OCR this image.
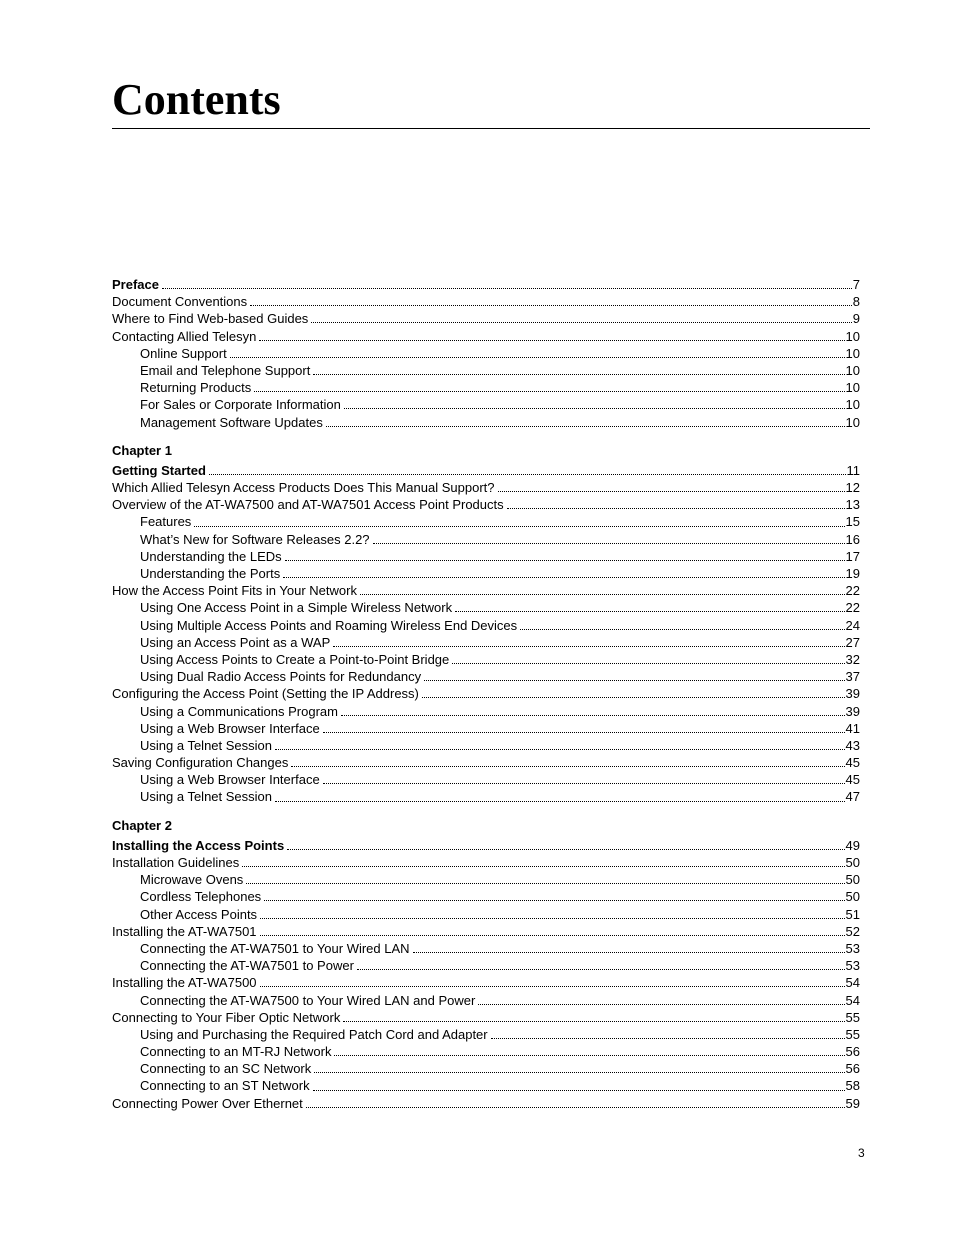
Contents
Preface	7
Document Conventions	8
Where to Find Web-based Guides	9
Contacting Allied Telesyn	10
Online Support	10
Email and Telephone Support	10
Returning Products	10
For Sales or Corporate Information	10
Management Software Updates	10
Chapter 1
Getting Started	11
Which Allied Telesyn Access Products Does This Manual Support?	12
Overview of the AT-WA7500 and AT-WA7501 Access Point Products	13
Features	15
What’s New for Software Releases 2.2?	16
Understanding the LEDs	17
Understanding the Ports	19
How the Access Point Fits in Your Network	22
Using One Access Point in a Simple Wireless Network	22
Using Multiple Access Points and Roaming Wireless End Devices	24
Using an Access Point as a WAP	27
Using Access Points to Create a Point-to-Point Bridge	32
Using Dual Radio Access Points for Redundancy	37
Configuring the Access Point (Setting the IP Address)	39
Using a Communications Program	39
Using a Web Browser Interface	41
Using a Telnet Session	43
Saving Configuration Changes	45
Using a Web Browser Interface	45
Using a Telnet Session	47
Chapter 2
Installing the Access Points	49
Installation Guidelines	50
Microwave Ovens	50
Cordless Telephones	50
Other Access Points	51
Installing the AT-WA7501	52
Connecting the AT-WA7501 to Your Wired LAN	53
Connecting the AT-WA7501 to Power	53
Installing the AT-WA7500	54
Connecting the AT-WA7500 to Your Wired LAN and Power	54
Connecting to Your Fiber Optic Network	55
Using and Purchasing the Required Patch Cord and Adapter	55
Connecting to an MT-RJ Network	56
Connecting to an SC Network	56
Connecting to an ST Network	58
Connecting Power Over Ethernet	59
3
